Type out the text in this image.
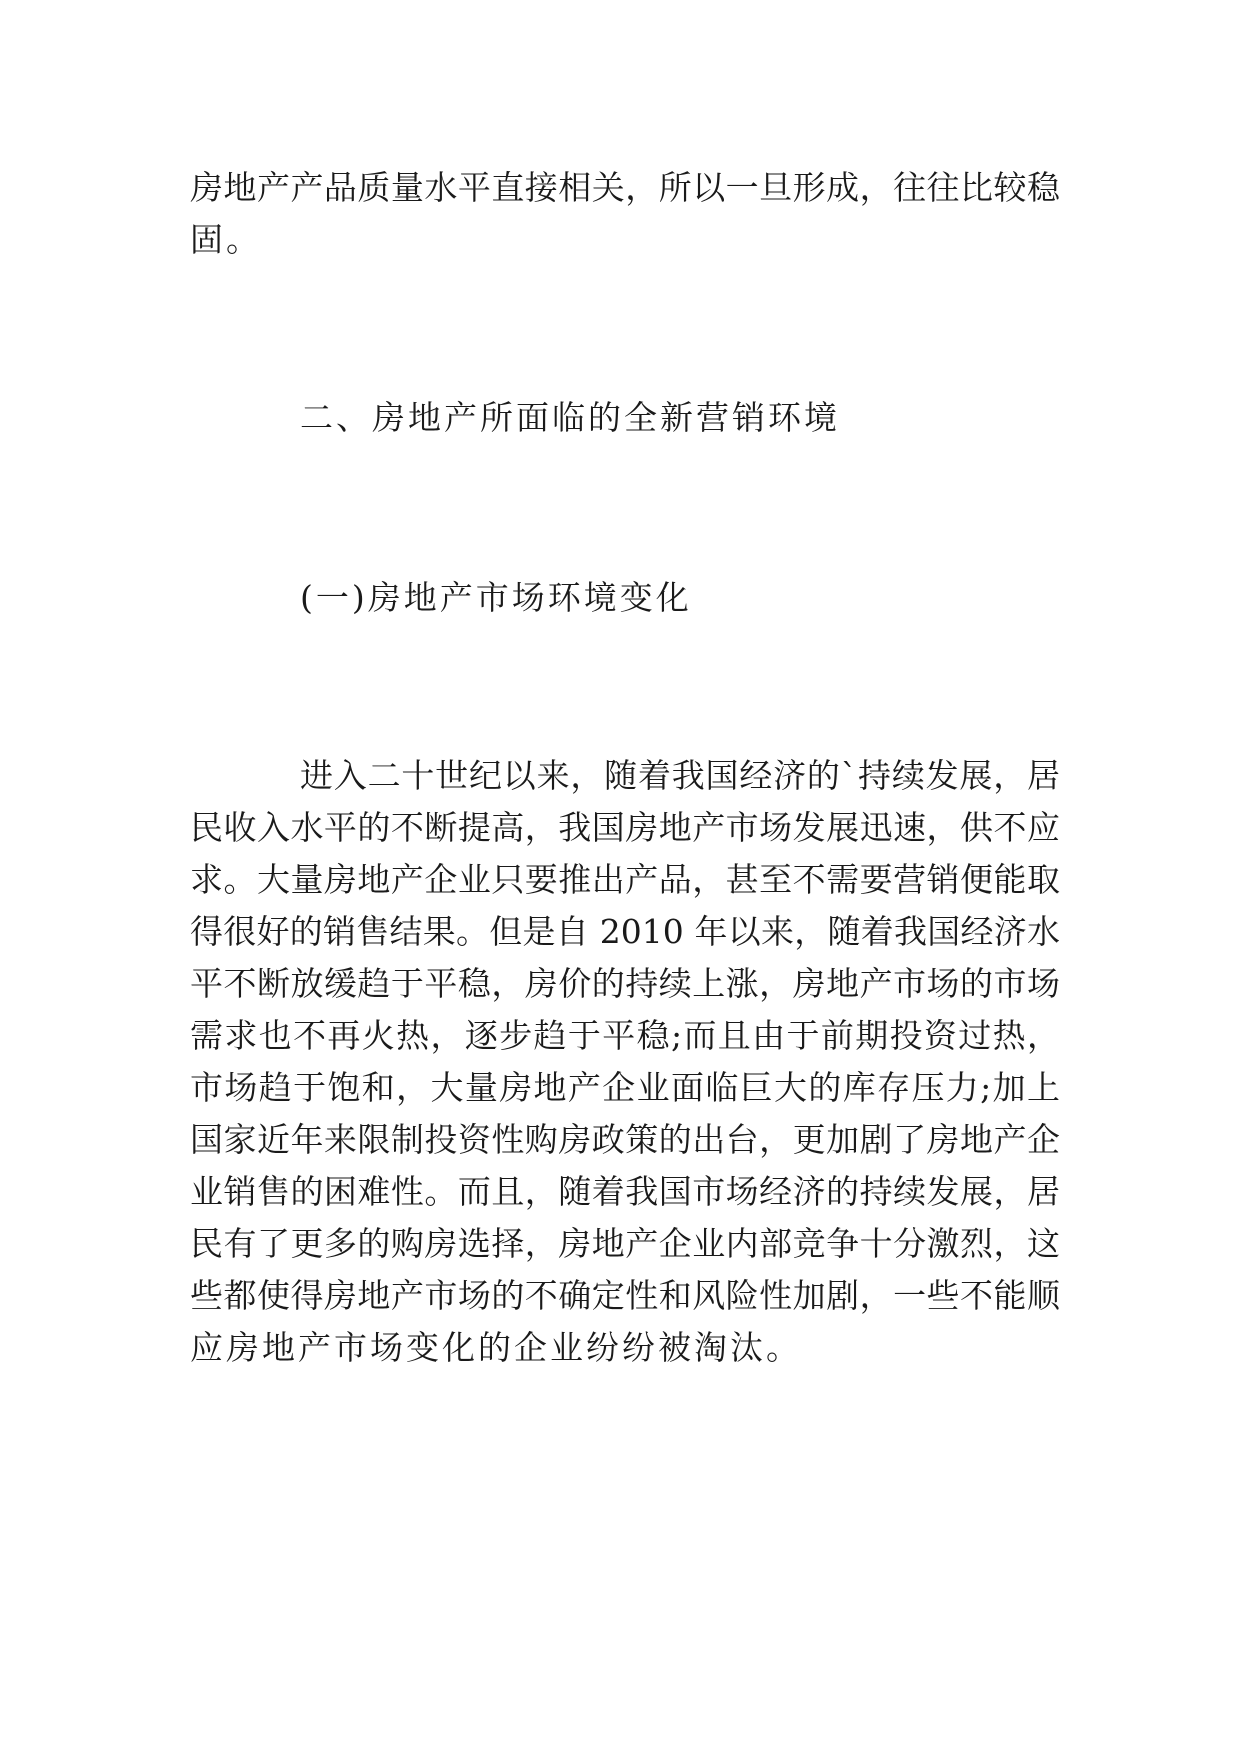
房地产产品质量水平直接相关，所以一旦形成，往往比较稳
固。
二、房地产所面临的全新营销环境
(一)房地产市场环境变化
进入二十世纪以来，随着我国经济的`持续发展，居
民收入水平的不断提高，我国房地产市场发展迅速，供不应
求。大量房地产企业只要推出产品，甚至不需要营销便能取
得很好的销售结果。但是自 2010 年以来，随着我国经济水
平不断放缓趋于平稳，房价的持续上涨，房地产市场的市场
需求也不再火热，逐步趋于平稳;而且由于前期投资过热，
市场趋于饱和，大量房地产企业面临巨大的库存压力;加上
国家近年来限制投资性购房政策的出台，更加剧了房地产企
业销售的困难性。而且，随着我国市场经济的持续发展，居
民有了更多的购房选择，房地产企业内部竞争十分激烈，这
些都使得房地产市场的不确定性和风险性加剧，一些不能顺
应房地产市场变化的企业纷纷被淘汰。
